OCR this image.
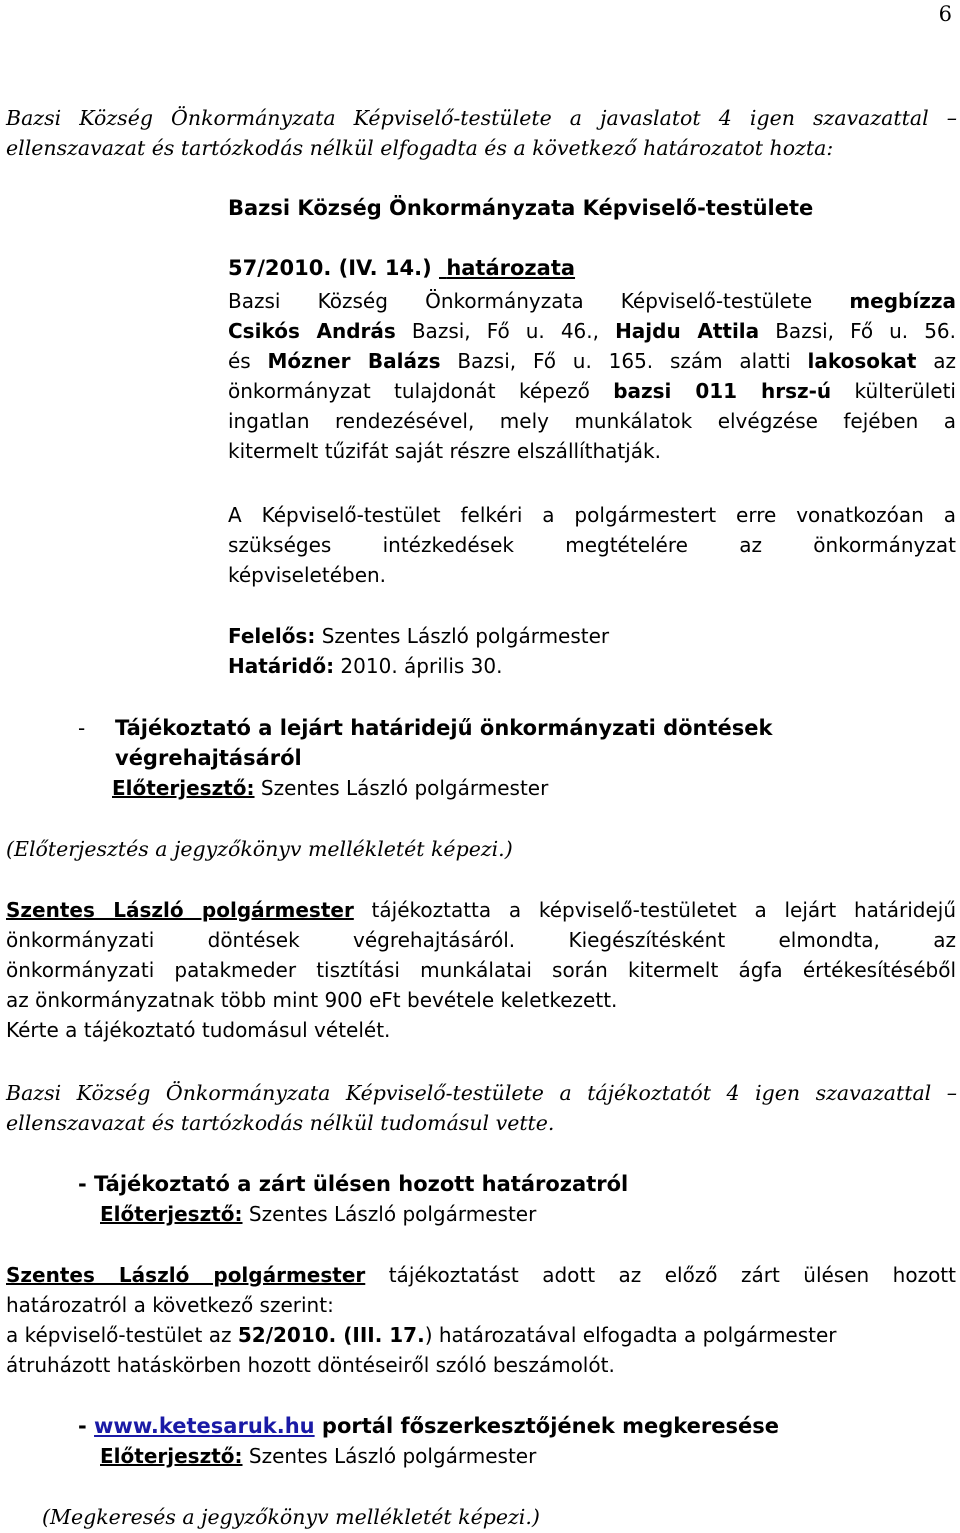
6
Bazsi Község Önkormányzata Képviselő-testülete a javaslatot 4 igen szavazattal –
ellenszavazat és tartózkodás nélkül elfogadta és a következő határozatot hozta:
Bazsi Község Önkormányzata Képviselő-testülete
57/2010. (IV. 14.) határozata
Bazsi Község Önkormányzata Képviselő-testülete megbízza
Csikós András Bazsi, Fő u. 46., Hajdu Attila Bazsi, Fő u. 56.
és Mózner Balázs Bazsi, Fő u. 165. szám alatti lakosokat az
önkormányzat tulajdonát képező bazsi 011 hrsz-ú külterületi
ingatlan rendezésével, mely munkálatok elvégzése fejében a
kitermelt tűzifát saját részre elszállíthatják.
A Képviselő-testület felkéri a polgármestert erre vonatkozóan a
szükséges intézkedések megtételére az önkormányzat
képviseletében.
Felelős: Szentes László polgármester
Határidő: 2010. április 30.
- Tájékoztató a lejárt határidejű önkormányzati döntések
végrehajtásáról
Előterjesztő: Szentes László polgármester
(Előterjesztés a jegyzőkönyv mellékletét képezi.)
Szentes László polgármester tájékoztatta a képviselő-testületet a lejárt határidejű
önkormányzati döntések végrehajtásáról. Kiegészítésként elmondta, az
önkormányzati patakmeder tisztítási munkálatai során kitermelt ágfa értékesítéséből
az önkormányzatnak több mint 900 eFt bevétele keletkezett.
Kérte a tájékoztató tudomásul vételét.
Bazsi Község Önkormányzata Képviselő-testülete a tájékoztatót 4 igen szavazattal –
ellenszavazat és tartózkodás nélkül tudomásul vette.
- Tájékoztató a zárt ülésen hozott határozatról
Előterjesztő: Szentes László polgármester
Szentes László polgármester tájékoztatást adott az előző zárt ülésen hozott
határozatról a következő szerint:
a képviselő-testület az 52/2010. (III. 17.) határozatával elfogadta a polgármester
átruházott hatáskörben hozott döntéseiről szóló beszámolót.
- www.ketesaruk.hu portál főszerkesztőjének megkeresése
Előterjesztő: Szentes László polgármester
(Megkeresés a jegyzőkönyv mellékletét képezi.)
